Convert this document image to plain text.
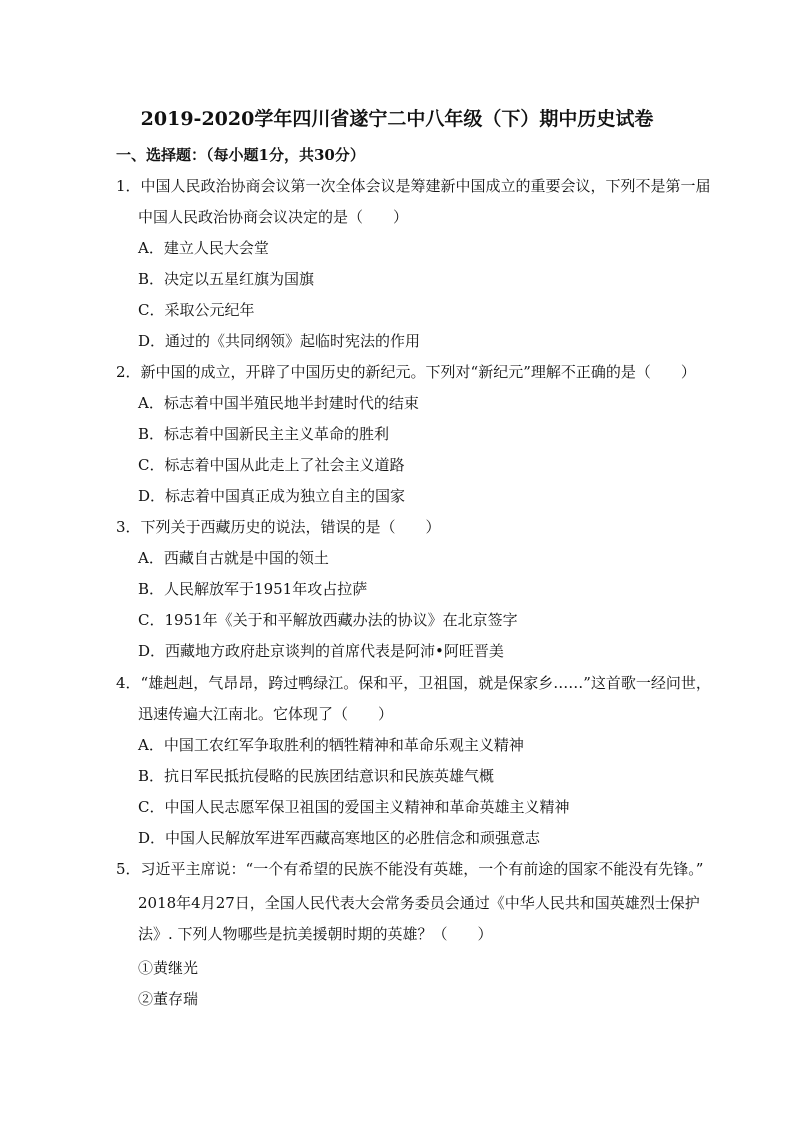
2019-2020学年四川省遂宁二中八年级（下）期中历史试卷
一、选择题：（每小题1分，共30分）
1．中国人民政治协商会议第一次全体会议是筹建新中国成立的重要会议，下列不是第一届
中国人民政治协商会议决定的是（　　）
A．建立人民大会堂
B．决定以五星红旗为国旗
C．采取公元纪年
D．通过的《共同纲领》起临时宪法的作用
2．新中国的成立，开辟了中国历史的新纪元。下列对“新纪元”理解不正确的是（　　）
A．标志着中国半殖民地半封建时代的结束
B．标志着中国新民主主义革命的胜利
C．标志着中国从此走上了社会主义道路
D．标志着中国真正成为独立自主的国家
3．下列关于西藏历史的说法，错误的是（　　）
A．西藏自古就是中国的领土
B．人民解放军于1951年攻占拉萨
C．1951年《关于和平解放西藏办法的协议》在北京签字
D．西藏地方政府赴京谈判的首席代表是阿沛•阿旺晋美
4．“雄赳赳，气昂昂，跨过鸭绿江。保和平，卫祖国，就是保家乡……”这首歌一经问世，
迅速传遍大江南北。它体现了（　　）
A．中国工农红军争取胜利的牺牲精神和革命乐观主义精神
B．抗日军民抵抗侵略的民族团结意识和民族英雄气概
C．中国人民志愿军保卫祖国的爱国主义精神和革命英雄主义精神
D．中国人民解放军进军西藏高寒地区的必胜信念和顽强意志
5．习近平主席说：“一个有希望的民族不能没有英雄，一个有前途的国家不能没有先锋。”
2018年4月27日，全国人民代表大会常务委员会通过《中华人民共和国英雄烈士保护
法》. 下列人物哪些是抗美援朝时期的英雄？（　　）
①黄继光
②董存瑞
